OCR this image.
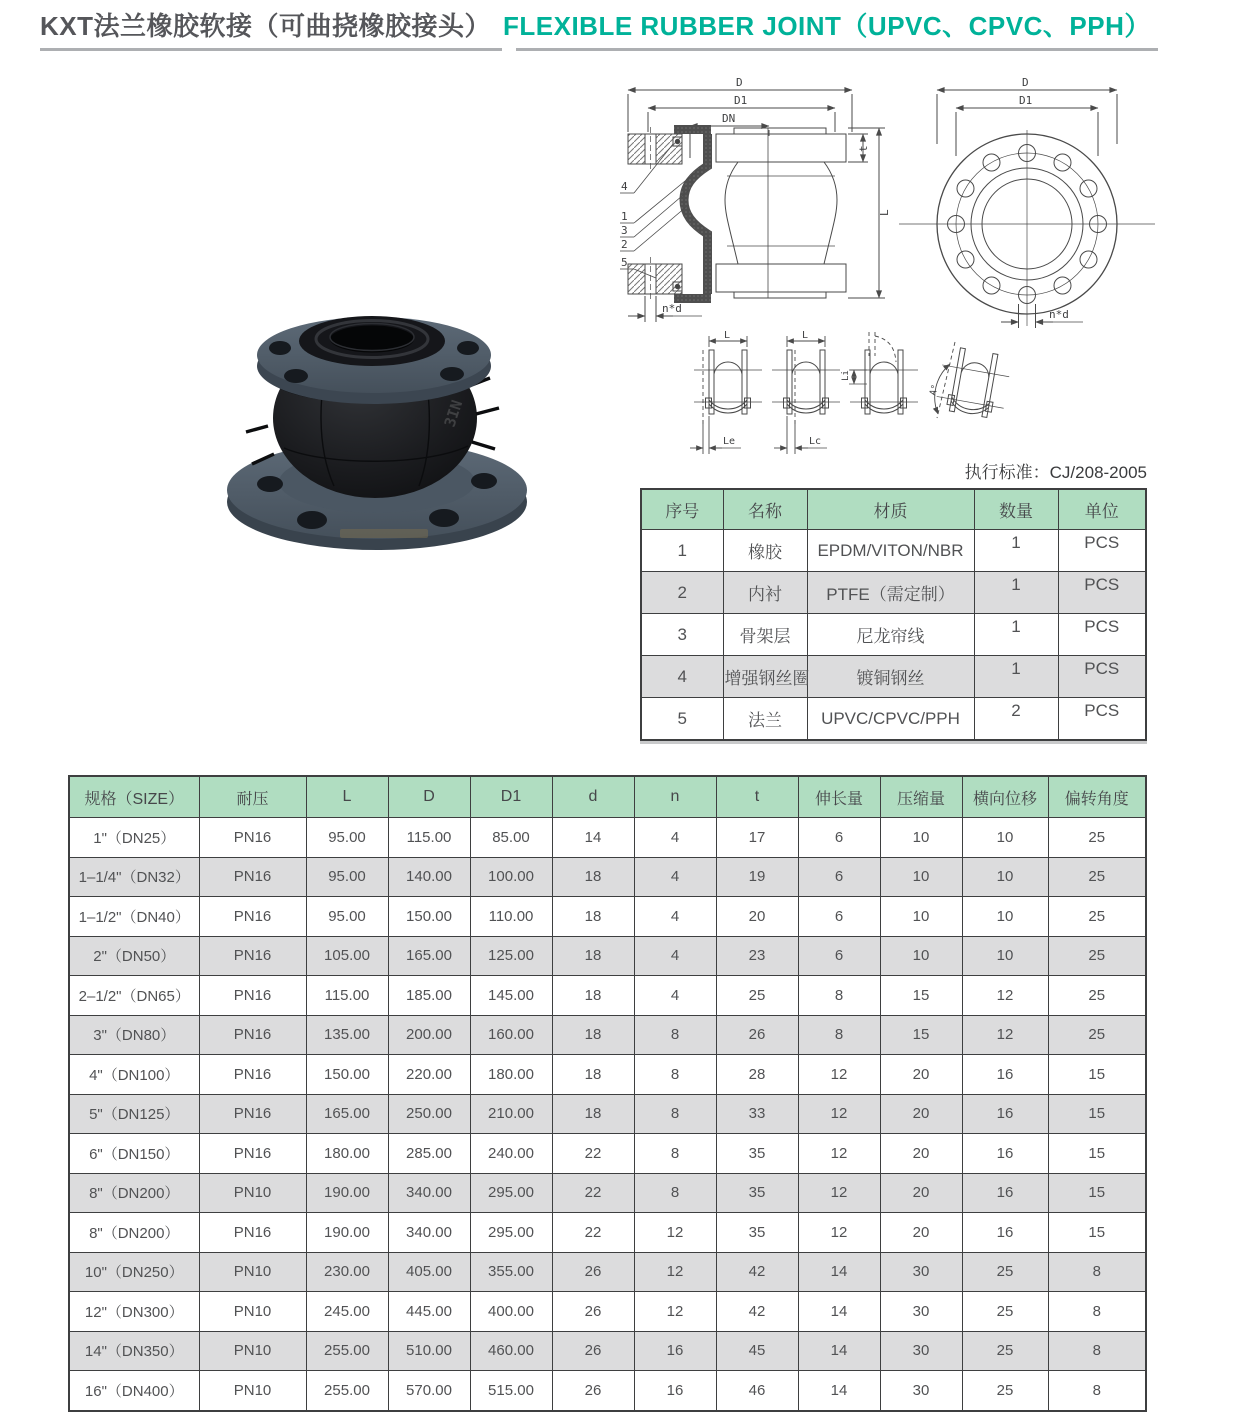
KXT法兰橡胶软接（可曲挠橡胶接头） FLEXIBLE RUBBER JOINT（UPVC、CPVC、PPH）
3IN
D
D1
DN
t
L
n*d
4
1
3
2
5
D
D1
n*d
L
Le
L
Lc
Li
A°
执行标准：CJ/208-2005
序号	名称	材质	数量	单位
1	橡胶	EPDM/VITON/NBR	1	PCS
2	内衬	PTFE（需定制）	1	PCS
3	骨架层	尼龙帘线	1	PCS
4	增强钢丝圈	镀铜钢丝	1	PCS
5	法兰	UPVC/CPVC/PPH	2	PCS
规格（SIZE）	耐压	L	D	D1	d	n	t	伸长量	压缩量	横向位移	偏转角度
1"（DN25）	PN16	95.00	115.00	85.00	14	4	17	6	10	10	25
1–1/4"（DN32）	PN16	95.00	140.00	100.00	18	4	19	6	10	10	25
1–1/2"（DN40）	PN16	95.00	150.00	110.00	18	4	20	6	10	10	25
2"（DN50）	PN16	105.00	165.00	125.00	18	4	23	6	10	10	25
2–1/2"（DN65）	PN16	115.00	185.00	145.00	18	4	25	8	15	12	25
3"（DN80）	PN16	135.00	200.00	160.00	18	8	26	8	15	12	25
4"（DN100）	PN16	150.00	220.00	180.00	18	8	28	12	20	16	15
5"（DN125）	PN16	165.00	250.00	210.00	18	8	33	12	20	16	15
6"（DN150）	PN16	180.00	285.00	240.00	22	8	35	12	20	16	15
8"（DN200）	PN10	190.00	340.00	295.00	22	8	35	12	20	16	15
8"（DN200）	PN16	190.00	340.00	295.00	22	12	35	12	20	16	15
10"（DN250）	PN10	230.00	405.00	355.00	26	12	42	14	30	25	8
12"（DN300）	PN10	245.00	445.00	400.00	26	12	42	14	30	25	8
14"（DN350）	PN10	255.00	510.00	460.00	26	16	45	14	30	25	8
16"（DN400）	PN10	255.00	570.00	515.00	26	16	46	14	30	25	8
